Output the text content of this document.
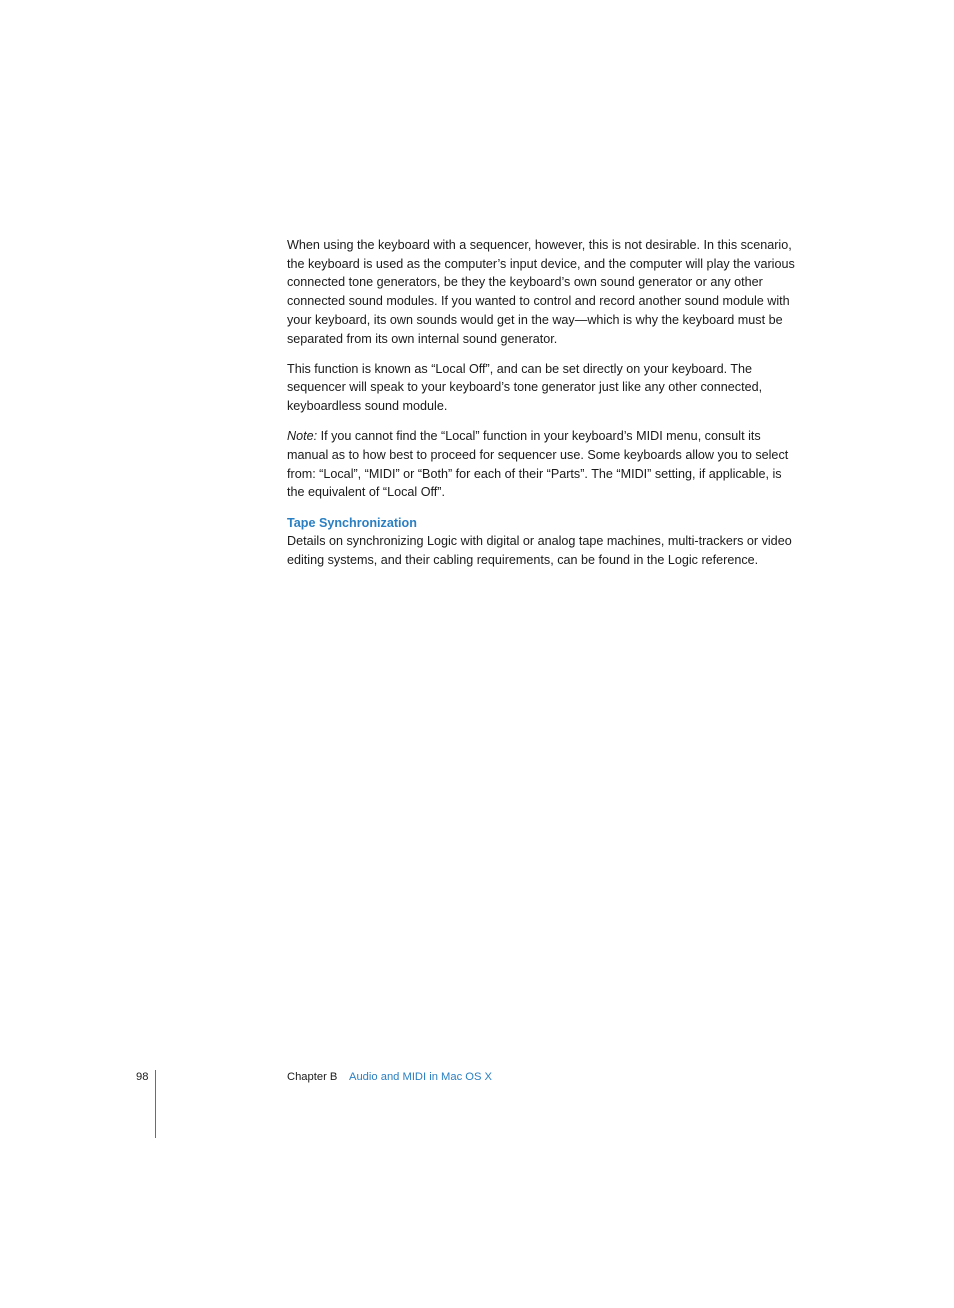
When using the keyboard with a sequencer, however, this is not desirable. In this scenario, the keyboard is used as the computer’s input device, and the computer will play the various connected tone generators, be they the keyboard’s own sound generator or any other connected sound modules. If you wanted to control and record another sound module with your keyboard, its own sounds would get in the way—which is why the keyboard must be separated from its own internal sound generator.

This function is known as “Local Off”, and can be set directly on your keyboard. The sequencer will speak to your keyboard’s tone generator just like any other connected, keyboardless sound module.

Note: If you cannot find the “Local” function in your keyboard’s MIDI menu, consult its manual as to how best to proceed for sequencer use. Some keyboards allow you to select from: “Local”, “MIDI” or “Both” for each of their “Parts”. The “MIDI” setting, if applicable, is the equivalent of “Local Off”.

Tape Synchronization

Details on synchronizing Logic with digital or analog tape machines, multi-trackers or video editing systems, and their cabling requirements, can be found in the Logic reference.

98	Chapter B Audio and MIDI in Mac OS X
